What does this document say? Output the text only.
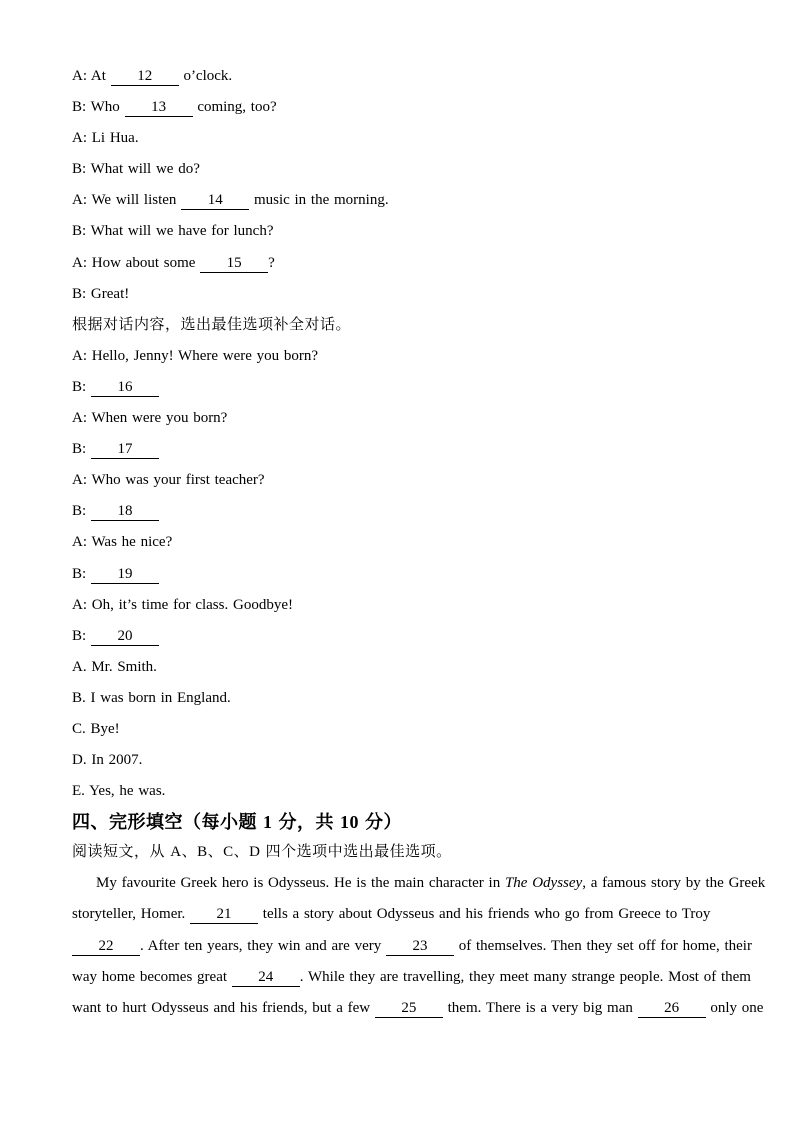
A: At 12 o’clock.

B: Who 13 coming, too?

A: Li Hua.

B: What will we do?

A: We will listen 14 music in the morning.

B: What will we have for lunch?

A: How about some 15 ?

B: Great!

根据对话内容，选出最佳选项补全对话。

A: Hello, Jenny! Where were you born?

B: 16

A: When were you born?

B: 17

A: Who was your first teacher?

B: 18

A: Was he nice?

B: 19

A: Oh, it’s time for class. Goodbye!

B: 20

A. Mr. Smith.

B. I was born in England.

C. Bye!

D. In 2007.

E. Yes, he was.

四、完形填空（每小题 1 分，共 10 分）

阅读短文，从 A、B、C、D 四个选项中选出最佳选项。

My favourite Greek hero is Odysseus. He is the main character in The Odyssey, a famous story by the Greek

storyteller, Homer. 21 tells a story about Odysseus and his friends who go from Greece to Troy

22 . After ten years, they win and are very 23 of themselves. Then they set off for home, their

way home becomes great 24 . While they are travelling, they meet many strange people. Most of them

want to hurt Odysseus and his friends, but a few 25 them. There is a very big man 26 only one
